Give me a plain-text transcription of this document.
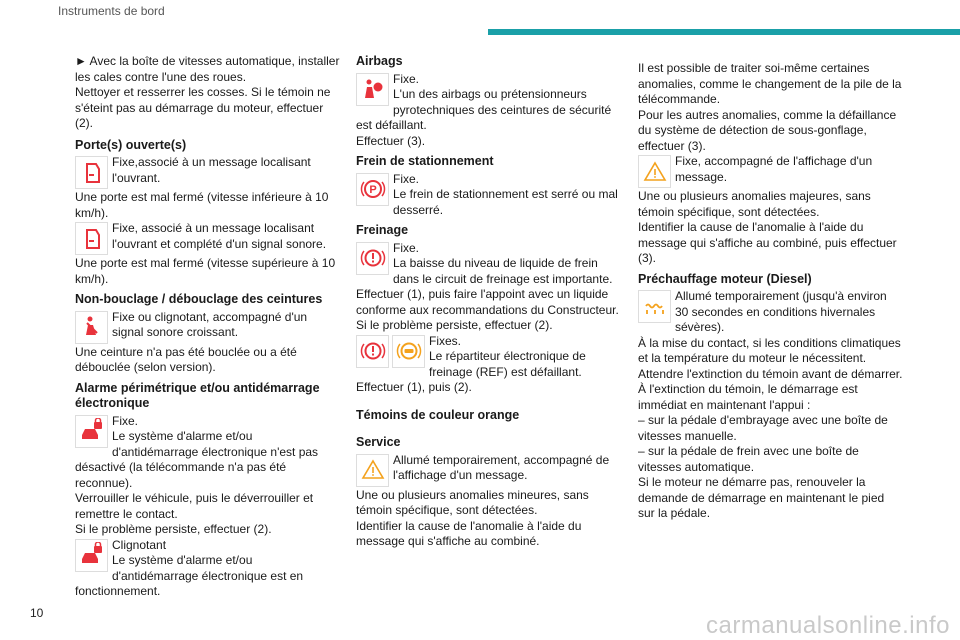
Instruments de bord

► Avec la boîte de vitesses automatique, installer les cales contre l'une des roues.

Nettoyer et resserrer les cosses. Si le témoin ne s'éteint pas au démarrage du moteur, effectuer (2).

Porte(s) ouverte(s)

Fixe,associé à un message localisant l'ouvrant.

Une porte est mal fermé (vitesse inférieure à 10 km/h).

Fixe, associé à un message localisant l'ouvrant et complété d'un signal sonore.

Une porte est mal fermé (vitesse supérieure à 10 km/h).

Non-bouclage / débouclage des ceintures

Fixe ou clignotant, accompagné d'un signal sonore croissant.

Une ceinture n'a pas été bouclée ou a été débouclée (selon version).

Alarme périmétrique et/ou antidémarrage électronique

Fixe.

Le système d'alarme et/ou d'antidémarrage électronique n'est pas désactivé (la télécommande n'a pas été reconnue).

Verrouiller le véhicule, puis le déverrouiller et remettre le contact.

Si le problème persiste, effectuer (2).

Clignotant

Le système d'alarme et/ou d'antidémarrage électronique est en fonctionnement.

Airbags

Fixe.

L'un des airbags ou prétensionneurs pyrotechniques des ceintures de sécurité est défaillant.

Effectuer (3).

Frein de stationnement
P

Fixe.

Le frein de stationnement est serré ou mal desserré.

Freinage

Fixe.

La baisse du niveau de liquide de frein dans le circuit de freinage est importante.

Effectuer (1), puis faire l'appoint avec un liquide conforme aux recommandations du Constructeur. Si le problème persiste, effectuer (2).

Fixes.

Le répartiteur électronique de freinage (REF) est défaillant.

Effectuer (1), puis (2).

Témoins de couleur orange
Service

Allumé temporairement, accompagné de l'affichage d'un message.

Une ou plusieurs anomalies mineures, sans témoin spécifique, sont détectées.

Identifier la cause de l'anomalie à l'aide du message qui s'affiche au combiné.

Il est possible de traiter soi-même certaines anomalies, comme le changement de la pile de la télécommande.

Pour les autres anomalies, comme la défaillance du système de détection de sous-gonflage, effectuer (3).

Fixe, accompagné de l'affichage d'un message.

Une ou plusieurs anomalies majeures, sans témoin spécifique, sont détectées.

Identifier la cause de l'anomalie à l'aide du message qui s'affiche au combiné, puis effectuer (3).

Préchauffage moteur (Diesel)

Allumé temporairement (jusqu'à environ 30 secondes en conditions hivernales sévères).

À la mise du contact, si les conditions climatiques et la température du moteur le nécessitent.

Attendre l'extinction du témoin avant de démarrer.

À l'extinction du témoin, le démarrage est immédiat en maintenant l'appui :

– sur la pédale d'embrayage avec une boîte de vitesses manuelle.

– sur la pédale de frein avec une boîte de vitesses automatique.

Si le moteur ne démarre pas, renouveler la demande de démarrage en maintenant le pied sur la pédale.

10	carmanualsonline.info
